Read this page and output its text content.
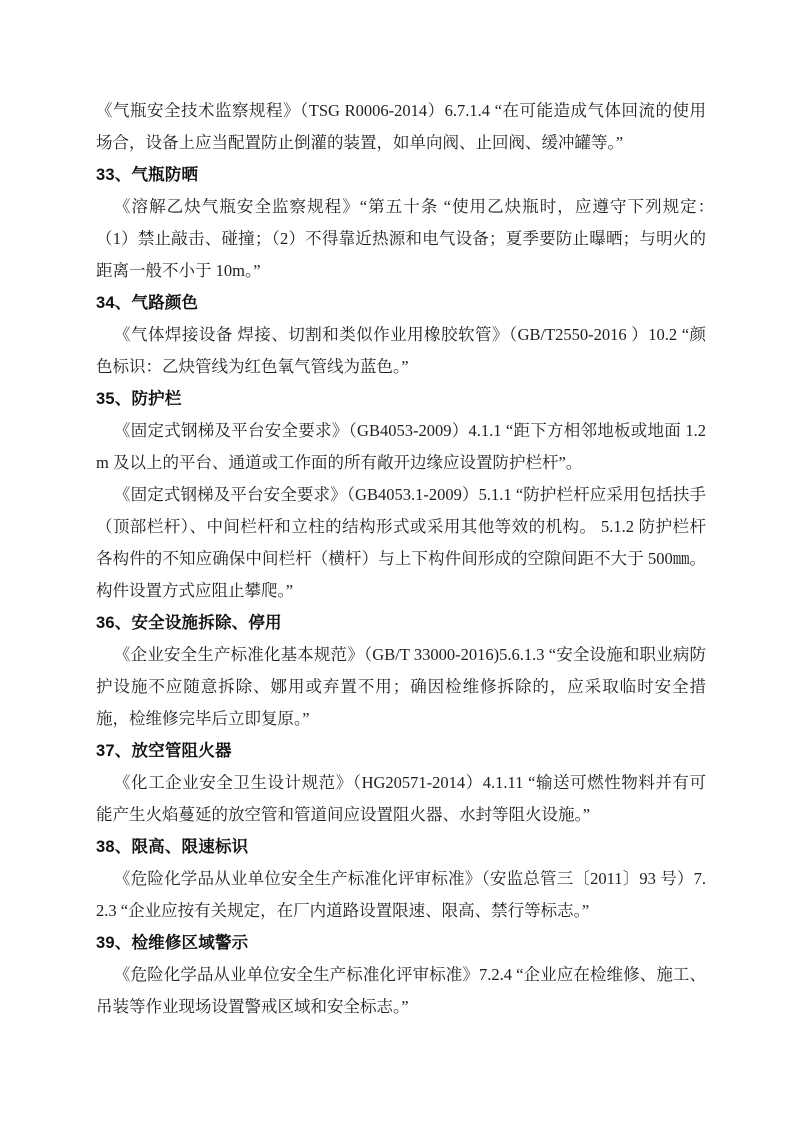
《气瓶安全技术监察规程》（TSG R0006-2014）6.7.1.4 “在可能造成气体回流的使用场合，设备上应当配置防止倒灌的装置，如单向阀、止回阀、缓冲罐等。”

33、气瓶防晒

《溶解乙炔气瓶安全监察规程》“第五十条 “使用乙炔瓶时，应遵守下列规定：　　（1）禁止敲击、碰撞；（2）不得靠近热源和电气设备；夏季要防止曝晒；与明火的距离一般不小于 10m。”

34、气路颜色

《气体焊接设备 焊接、切割和类似作业用橡胶软管》（GB/T2550-2016 ）10.2 “颜色标识：乙炔管线为红色氧气管线为蓝色。”

35、防护栏

《固定式钢梯及平台安全要求》（GB4053-2009）4.1.1 “距下方相邻地板或地面 1.2m 及以上的平台、通道或工作面的所有敞开边缘应设置防护栏杆”。

《固定式钢梯及平台安全要求》（GB4053.1-2009）5.1.1 “防护栏杆应采用包括扶手（顶部栏杆）、中间栏杆和立柱的结构形式或采用其他等效的机构。 5.1.2 防护栏杆各构件的不知应确保中间栏杆（横杆）与上下构件间形成的空隙间距不大于 500㎜。构件设置方式应阻止攀爬。”

36、安全设施拆除、停用

《企业安全生产标准化基本规范》（GB/T 33000-2016)5.6.1.3 “安全设施和职业病防护设施不应随意拆除、娜用或弃置不用；确因检维修拆除的，应采取临时安全措施，检维修完毕后立即复原。”

37、放空管阻火器

《化工企业安全卫生设计规范》（HG20571-2014）4.1.11 “输送可燃性物料并有可能产生火焰蔓延的放空管和管道间应设置阻火器、水封等阻火设施。”

38、限高、限速标识

《危险化学品从业单位安全生产标准化评审标准》（安监总管三〔2011〕93 号）7.2.3 “企业应按有关规定，在厂内道路设置限速、限高、禁行等标志。”

39、检维修区域警示

《危险化学品从业单位安全生产标准化评审标准》7.2.4 “企业应在检维修、施工、吊装等作业现场设置警戒区域和安全标志。”
